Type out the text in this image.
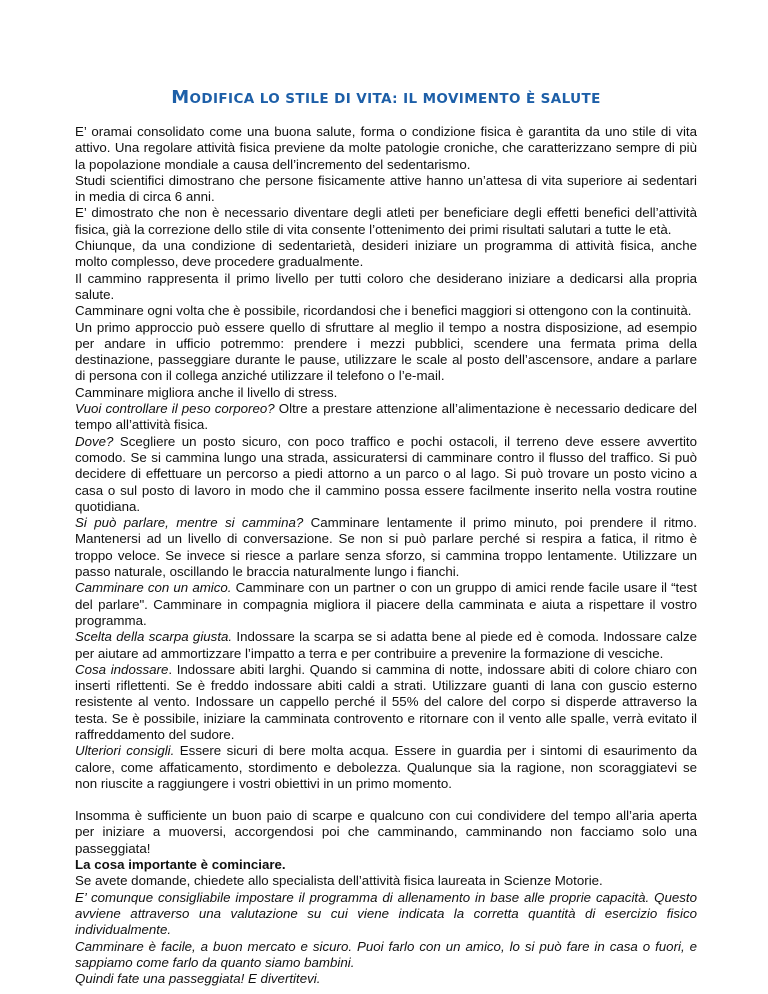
MODIFICA LO STILE DI VITA: IL MOVIMENTO È SALUTE

E’ oramai consolidato come una buona salute, forma o condizione fisica è garantita da uno stile di vita attivo. Una regolare attività fisica previene da molte patologie croniche, che caratterizzano sempre di più la popolazione mondiale a causa dell’incremento del sedentarismo.

Studi scientifici dimostrano che persone fisicamente attive hanno un’attesa di vita superiore ai sedentari in media di circa 6 anni.

E’ dimostrato che non è necessario diventare degli atleti per beneficiare degli effetti benefici dell’attività fisica, già la correzione dello stile di vita consente l’ottenimento dei primi risultati salutari a tutte le età.

Chiunque, da una condizione di sedentarietà, desideri iniziare un programma di attività fisica, anche molto complesso, deve procedere gradualmente.

Il cammino rappresenta il primo livello per tutti coloro che desiderano iniziare a dedicarsi alla propria salute.

Camminare ogni volta che è possibile, ricordandosi che i benefici maggiori si ottengono con la continuità.

Un primo approccio può essere quello di sfruttare al meglio il tempo a nostra disposizione, ad esempio per andare in ufficio potremmo: prendere i mezzi pubblici, scendere una fermata prima della destinazione, passeggiare durante le pause, utilizzare le scale al posto dell’ascensore, andare a parlare di persona con il collega anziché utilizzare il telefono o l’e-mail.

Camminare migliora anche il livello di stress.

Vuoi controllare il peso corporeo? Oltre a prestare attenzione all’alimentazione è necessario dedicare del tempo all’attività fisica.

Dove? Scegliere un posto sicuro, con poco traffico e pochi ostacoli, il terreno deve essere avvertito comodo. Se si cammina lungo una strada, assicuratersi di camminare contro il flusso del traffico. Si può decidere di effettuare un percorso a piedi attorno a un parco o al lago. Si può trovare un posto vicino a casa o sul posto di lavoro in modo che il cammino possa essere facilmente inserito nella vostra routine quotidiana.

Si può parlare, mentre si cammina? Camminare lentamente il primo minuto, poi prendere il ritmo. Mantenersi ad un livello di conversazione. Se non si può parlare perché si respira a fatica, il ritmo è troppo veloce. Se invece si riesce a parlare senza sforzo, si cammina troppo lentamente. Utilizzare un passo naturale, oscillando le braccia naturalmente lungo i fianchi.

Camminare con un amico. Camminare con un partner o con un gruppo di amici rende facile usare il “test del parlare". Camminare in compagnia migliora il piacere della camminata e aiuta a rispettare il vostro programma.

Scelta della scarpa giusta. Indossare la scarpa se si adatta bene al piede ed è comoda. Indossare calze per aiutare ad ammortizzare l’impatto a terra e per contribuire a prevenire la formazione di vesciche.

Cosa indossare. Indossare abiti larghi. Quando si cammina di notte, indossare abiti di colore chiaro con inserti riflettenti. Se è freddo indossare abiti caldi a strati. Utilizzare guanti di lana con guscio esterno resistente al vento. Indossare un cappello perché il 55% del calore del corpo si disperde attraverso la testa. Se è possibile, iniziare la camminata controvento e ritornare con il vento alle spalle, verrà evitato il raffreddamento del sudore.

Ulteriori consigli. Essere sicuri di bere molta acqua. Essere in guardia per i sintomi di esaurimento da calore, come affaticamento, stordimento e debolezza. Qualunque sia la ragione, non scoraggiatevi se non riuscite a raggiungere i vostri obiettivi in un primo momento.

Insomma è sufficiente un buon paio di scarpe e qualcuno con cui condividere del tempo all’aria aperta per iniziare a muoversi, accorgendosi poi che camminando, camminando non facciamo solo una passeggiata!

La cosa importante è cominciare.

Se avete domande, chiedete allo specialista dell’attività fisica laureata in Scienze Motorie.

E’ comunque consigliabile impostare il programma di allenamento in base alle proprie capacità. Questo avviene attraverso una valutazione su cui viene indicata la corretta quantità di esercizio fisico individualmente.

Camminare è facile, a buon mercato e sicuro. Puoi farlo con un amico, lo si può fare in casa o fuori, e sappiamo come farlo da quanto siamo bambini.

Quindi fate una passeggiata! E divertitevi.
